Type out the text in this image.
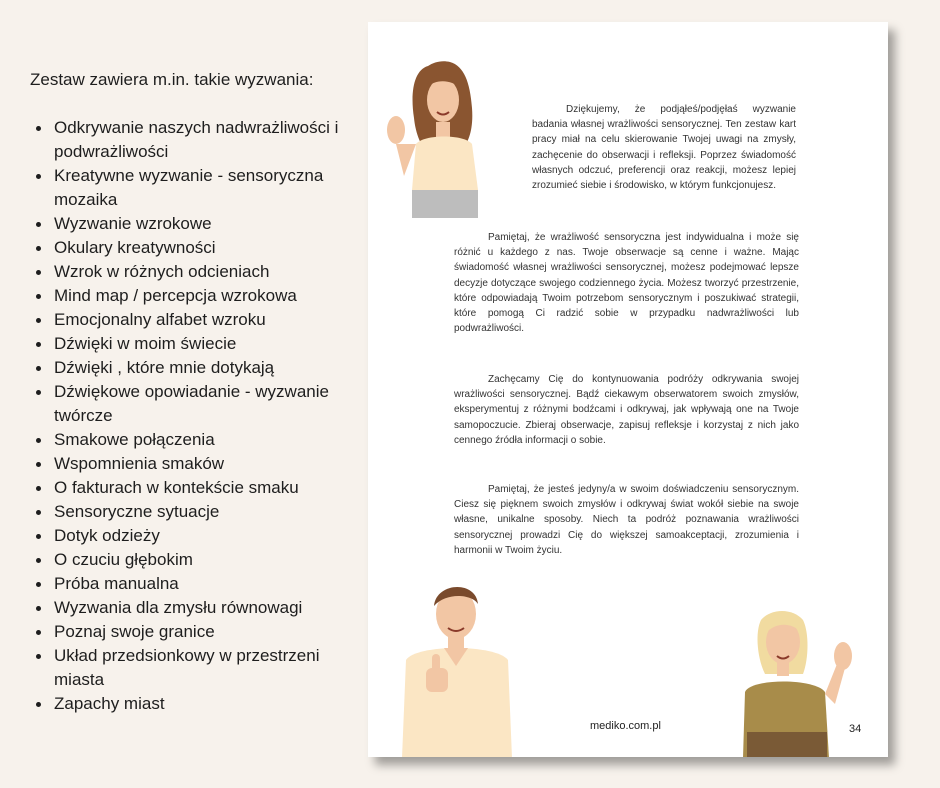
Zestaw zawiera m.in. takie wyzwania:

Odkrywanie naszych nadwrażliwości i podwrażliwości
Kreatywne wyzwanie - sensoryczna mozaika
Wyzwanie wzrokowe
Okulary kreatywności
Wzrok w różnych odcieniach
Mind map / percepcja wzrokowa
Emocjonalny alfabet wzroku
Dźwięki w moim świecie
Dźwięki , które mnie dotykają
Dźwiękowe opowiadanie - wyzwanie twórcze
Smakowe połączenia
Wspomnienia smaków
O fakturach w kontekście smaku
Sensoryczne sytuacje
Dotyk odzieży
O czuciu głębokim
Próba manualna
Wyzwania dla zmysłu równowagi
Poznaj swoje granice
Układ przedsionkowy w przestrzeni miasta
Zapachy miast

Dziękujemy, że podjąłeś/podjęłaś wyzwanie badania własnej wrażliwości sensorycznej. Ten zestaw kart pracy miał na celu skierowanie Twojej uwagi na zmysły, zachęcenie do obserwacji i refleksji. Poprzez świadomość własnych odczuć, preferencji oraz reakcji, możesz lepiej zrozumieć siebie i środowisko, w którym funkcjonujesz.

Pamiętaj, że wrażliwość sensoryczna jest indywidualna i może się różnić u każdego z nas. Twoje obserwacje są cenne i ważne. Mając świadomość własnej wrażliwości sensorycznej, możesz podejmować lepsze decyzje dotyczące swojego codziennego życia. Możesz tworzyć przestrzenie, które odpowiadają Twoim potrzebom sensorycznym i poszukiwać strategii, które pomogą Ci radzić sobie w przypadku nadwrażliwości lub podwrażliwości.

Zachęcamy Cię do kontynuowania podróży odkrywania swojej wrażliwości sensorycznej. Bądź ciekawym obserwatorem swoich zmysłów, eksperymentuj z różnymi bodźcami i odkrywaj, jak wpływają one na Twoje samopoczucie. Zbieraj obserwacje, zapisuj refleksje i korzystaj z nich jako cennego źródła informacji o sobie.

Pamiętaj, że jesteś jedyny/a w swoim doświadczeniu sensorycznym. Ciesz się pięknem swoich zmysłów i odkrywaj świat wokół siebie na swoje własne, unikalne sposoby. Niech ta podróż poznawania wrażliwości sensorycznej prowadzi Cię do większej samoakceptacji, zrozumienia i harmonii w Twoim życiu.

mediko.com.pl	34
